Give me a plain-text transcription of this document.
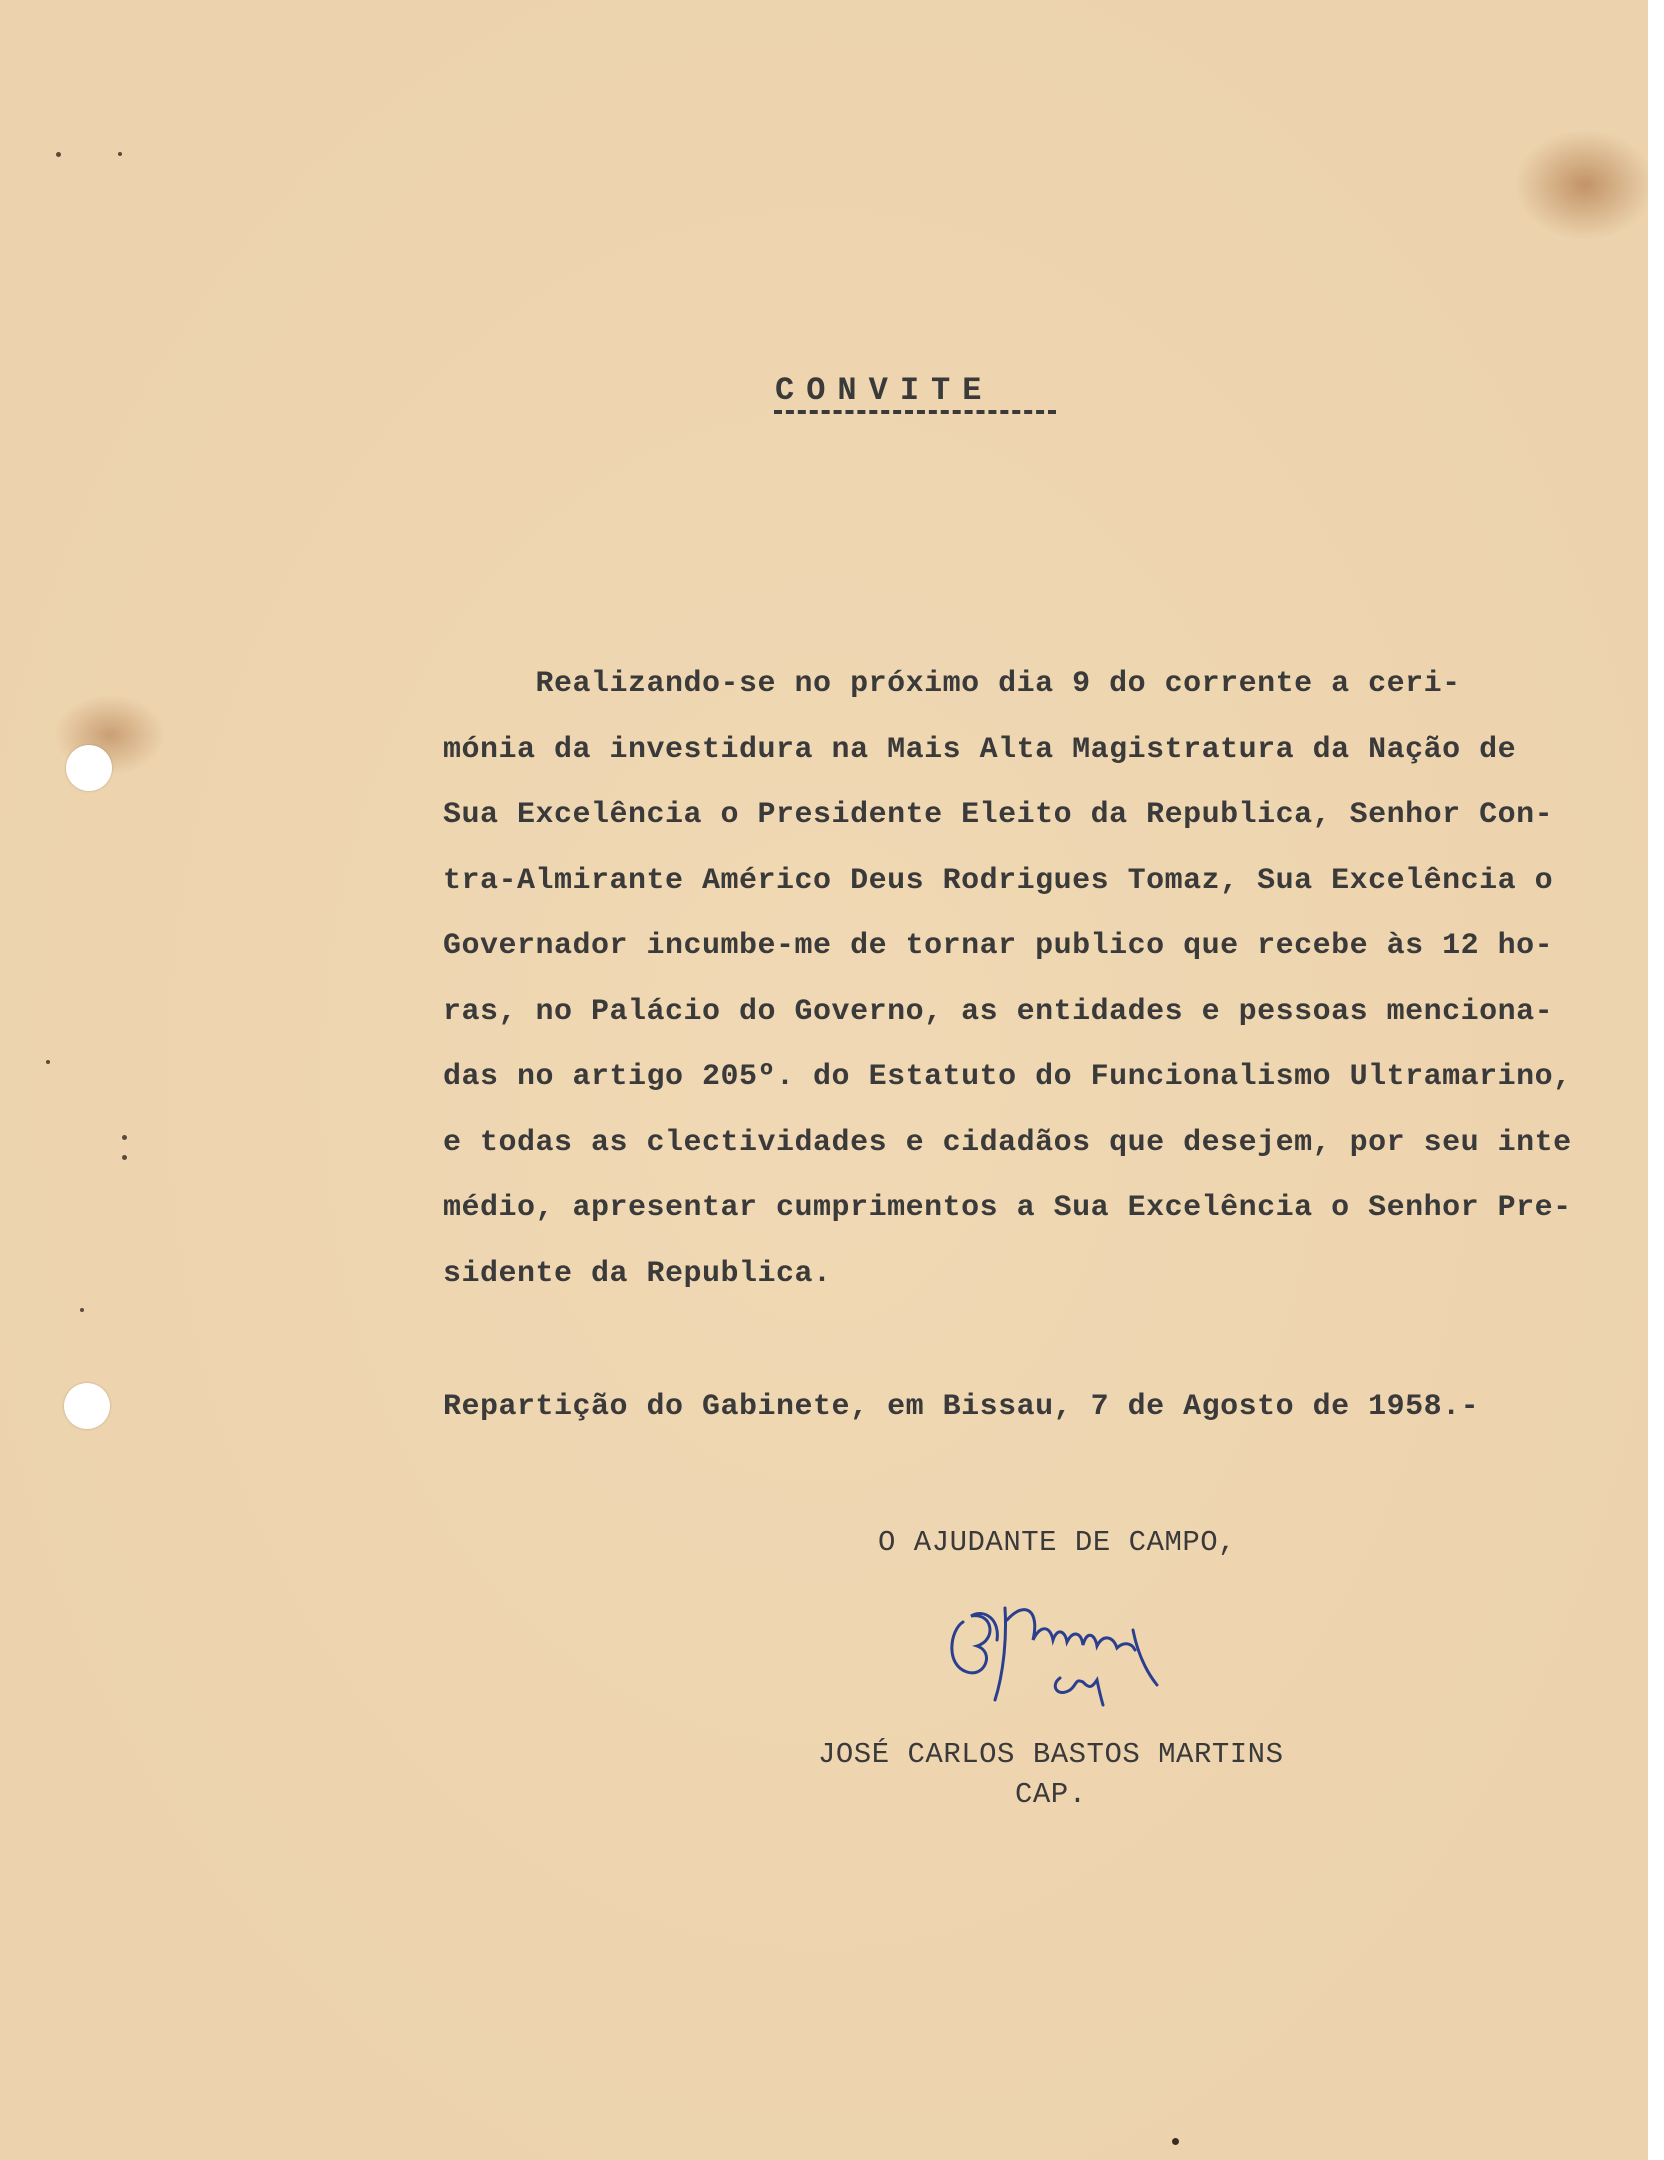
CONVITE
Realizando-se no próximo dia 9 do corrente a ceri-
mónia da investidura na Mais Alta Magistratura da Nação de
Sua Excelência o Presidente Eleito da Republica, Senhor Con-
tra-Almirante Américo Deus Rodrigues Tomaz, Sua Excelência o
Governador incumbe-me de tornar publico que recebe às 12 ho-
ras, no Palácio do Governo, as entidades e pessoas menciona-
das no artigo 205º. do Estatuto do Funcionalismo Ultramarino,
e todas as clectividades e cidadãos que desejem, por seu inte
médio, apresentar cumprimentos a Sua Excelência o Senhor Pre-
sidente da Republica.
Repartição do Gabinete, em Bissau, 7 de Agosto de 1958.-
O AJUDANTE DE CAMPO,
JOSÉ CARLOS BASTOS MARTINS
CAP.
